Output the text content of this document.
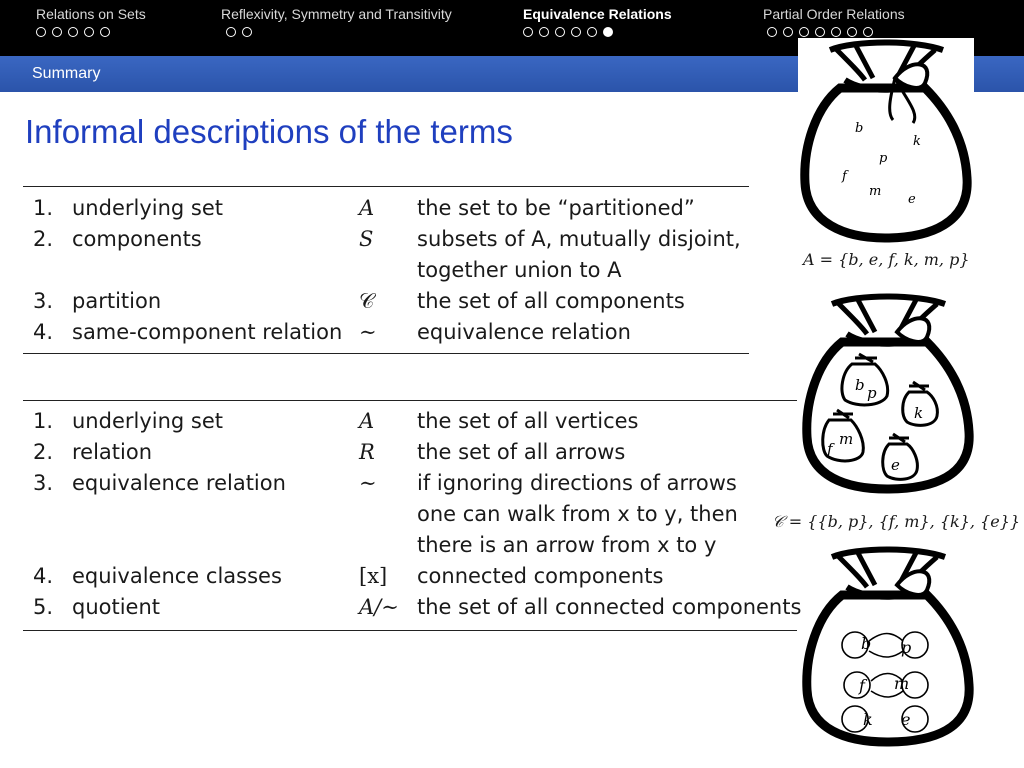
Relations on Sets	Reflexivity, Symmetry and Transitivity	Equivalence Relations	Partial Order Relations
Summary
Informal descriptions of the terms
1. underlying set	A the set to be “partitioned”
2. components	S subsets of A, mutually disjoint,
together union to A
3. partition	𝒞 the set of all components
4. same-component relation ∼ equivalence relation
1. underlying set	A the set of all vertices
2. relation	R the set of all arrows
3. equivalence relation	∼ if ignoring directions of arrows
one can walk from x to y, then
there is an arrow from x to y
4. equivalence classes	[x] connected components
5. quotient	A/∼ the set of all connected components
b
k
p
f
m
e
A = {b, e, f, k, m, p}
b p
k
f
m
e
𝒞 = {{b, p}, {f, m}, {k}, {e}}
b p
f m
k e
